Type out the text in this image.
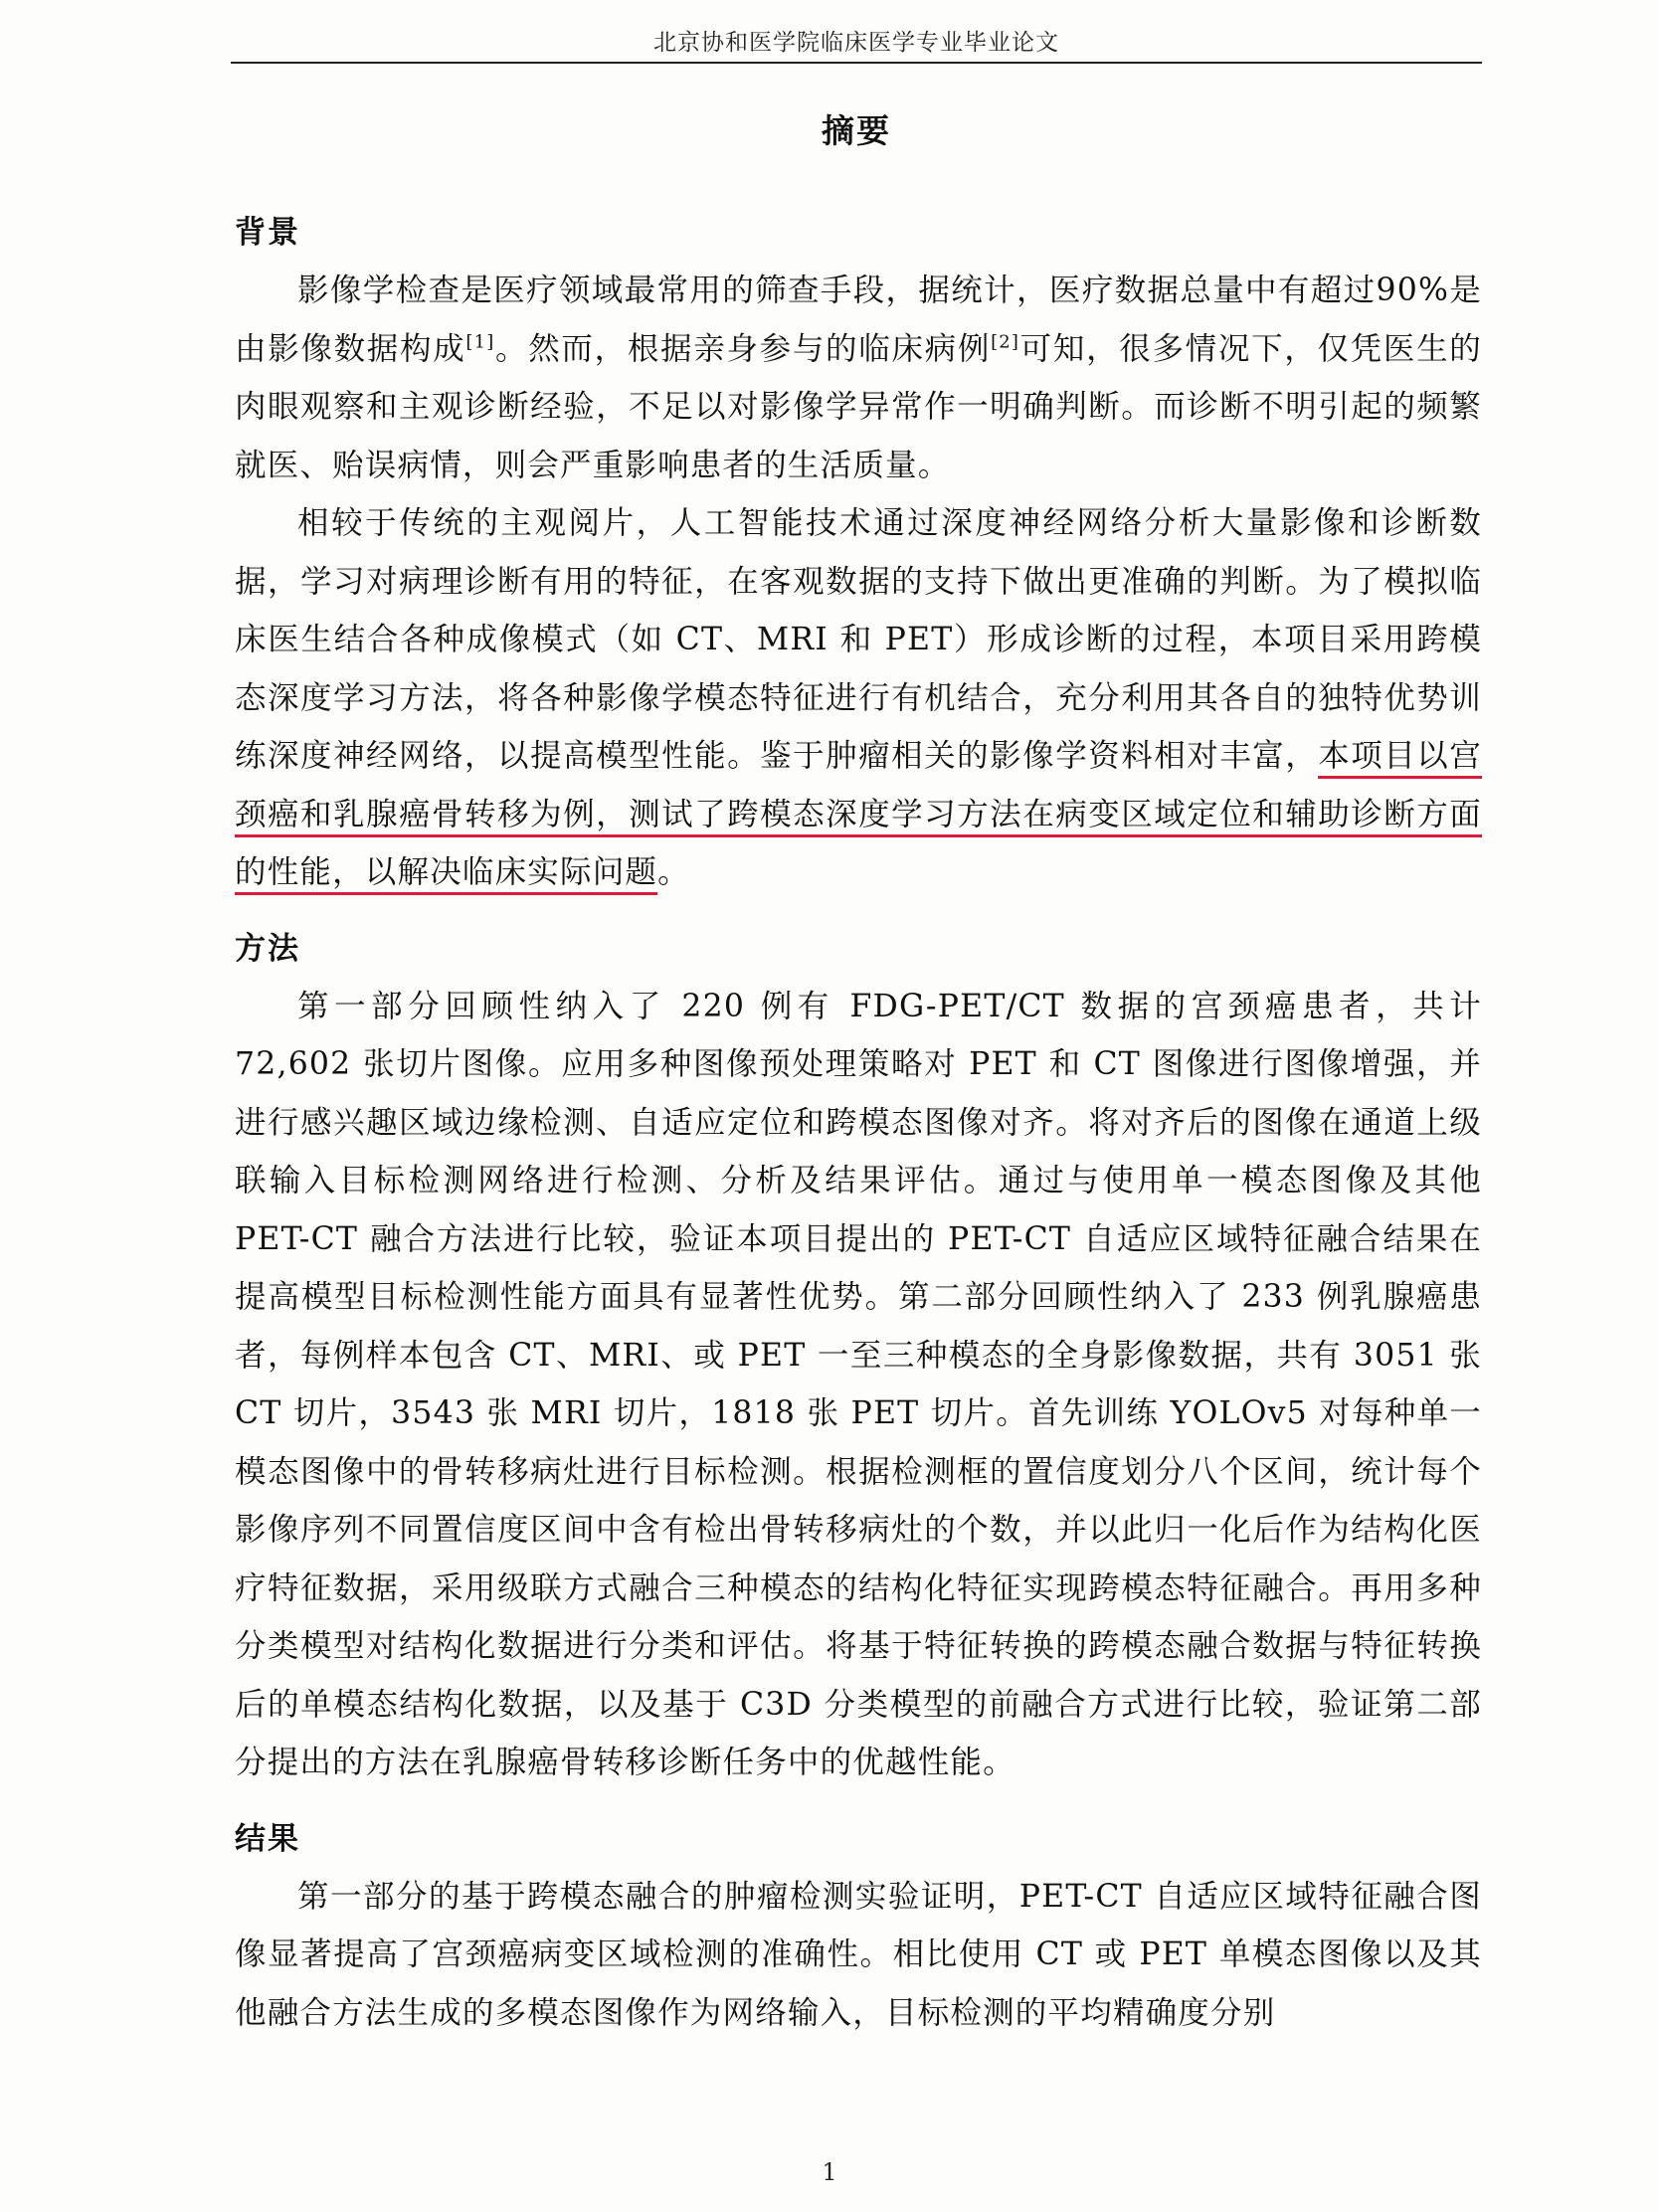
北京协和医学院临床医学专业毕业论文
摘要
背景

影像学检查是医疗领域最常用的筛查手段，据统计，医疗数据总量中有超过90%是由影像数据构成[1]。然而，根据亲身参与的临床病例[2]可知，很多情况下，仅凭医生的肉眼观察和主观诊断经验，不足以对影像学异常作一明确判断。而诊断不明引起的频繁就医、贻误病情，则会严重影响患者的生活质量。

相较于传统的主观阅片，人工智能技术通过深度神经网络分析大量影像和诊断数据，学习对病理诊断有用的特征，在客观数据的支持下做出更准确的判断。为了模拟临床医生结合各种成像模式（如 CT、MRI 和 PET）形成诊断的过程，本项目采用跨模态深度学习方法，将各种影像学模态特征进行有机结合，充分利用其各自的独特优势训练深度神经网络，以提高模型性能。鉴于肿瘤相关的影像学资料相对丰富，本项目以宫颈癌和乳腺癌骨转移为例，测试了跨模态深度学习方法在病变区域定位和辅助诊断方面的性能，以解决临床实际问题。

方法

第一部分回顾性纳入了 220 例有 FDG-PET/CT 数据的宫颈癌患者，共计 72,602 张切片图像。应用多种图像预处理策略对 PET 和 CT 图像进行图像增强，并进行感兴趣区域边缘检测、自适应定位和跨模态图像对齐。将对齐后的图像在通道上级联输入目标检测网络进行检测、分析及结果评估。通过与使用单一模态图像及其他 PET-CT 融合方法进行比较，验证本项目提出的 PET-CT 自适应区域特征融合结果在提高模型目标检测性能方面具有显著性优势。第二部分回顾性纳入了 233 例乳腺癌患者，每例样本包含 CT、MRI、或 PET 一至三种模态的全身影像数据，共有 3051 张 CT 切片，3543 张 MRI 切片，1818 张 PET 切片。首先训练 YOLOv5 对每种单一模态图像中的骨转移病灶进行目标检测。根据检测框的置信度划分八个区间，统计每个影像序列不同置信度区间中含有检出骨转移病灶的个数，并以此归一化后作为结构化医疗特征数据，采用级联方式融合三种模态的结构化特征实现跨模态特征融合。再用多种分类模型对结构化数据进行分类和评估。将基于特征转换的跨模态融合数据与特征转换后的单模态结构化数据，以及基于 C3D 分类模型的前融合方式进行比较，验证第二部分提出的方法在乳腺癌骨转移诊断任务中的优越性能。

结果

第一部分的基于跨模态融合的肿瘤检测实验证明，PET-CT 自适应区域特征融合图像显著提高了宫颈癌病变区域检测的准确性。相比使用 CT 或 PET 单模态图像以及其他融合方法生成的多模态图像作为网络输入，目标检测的平均精确度分别

1
